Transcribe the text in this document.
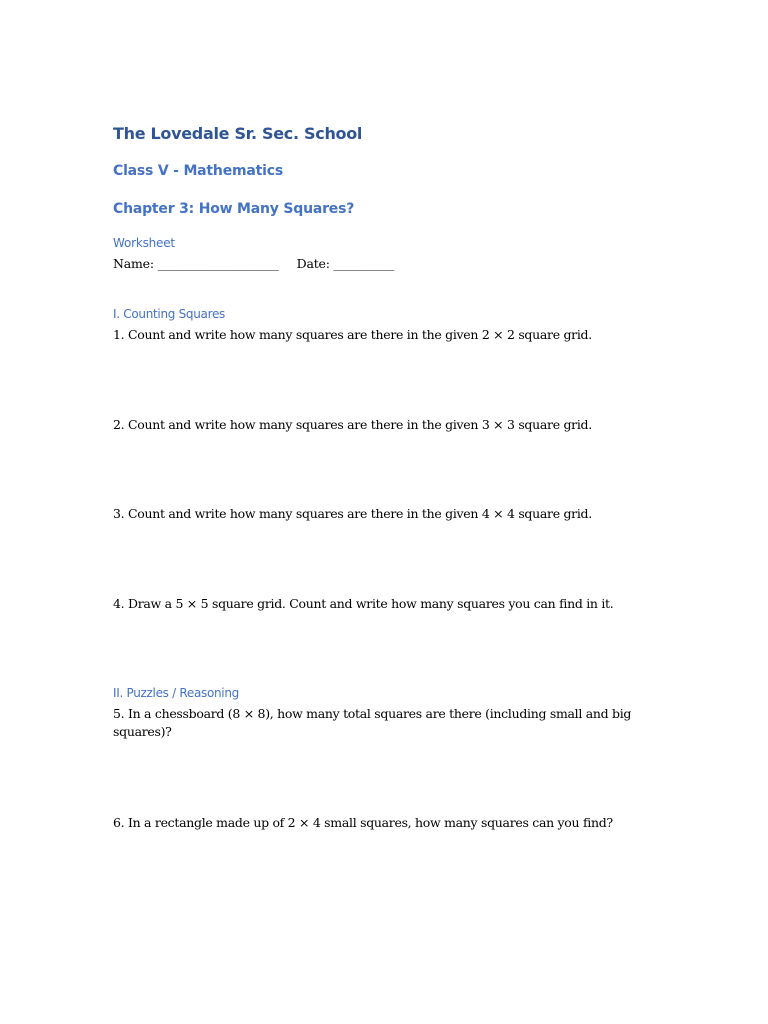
The Lovedale Sr. Sec. School
Class V - Mathematics
Chapter 3: How Many Squares?
Worksheet
Name: ____________________ Date: __________
I. Counting Squares

1. Count and write how many squares are there in the given 2 × 2 square grid.

2. Count and write how many squares are there in the given 3 × 3 square grid.

3. Count and write how many squares are there in the given 4 × 4 square grid.

4. Draw a 5 × 5 square grid. Count and write how many squares you can find in it.

II. Puzzles / Reasoning

5. In a chessboard (8 × 8), how many total squares are there (including small and big squares)?

6. In a rectangle made up of 2 × 4 small squares, how many squares can you find?
